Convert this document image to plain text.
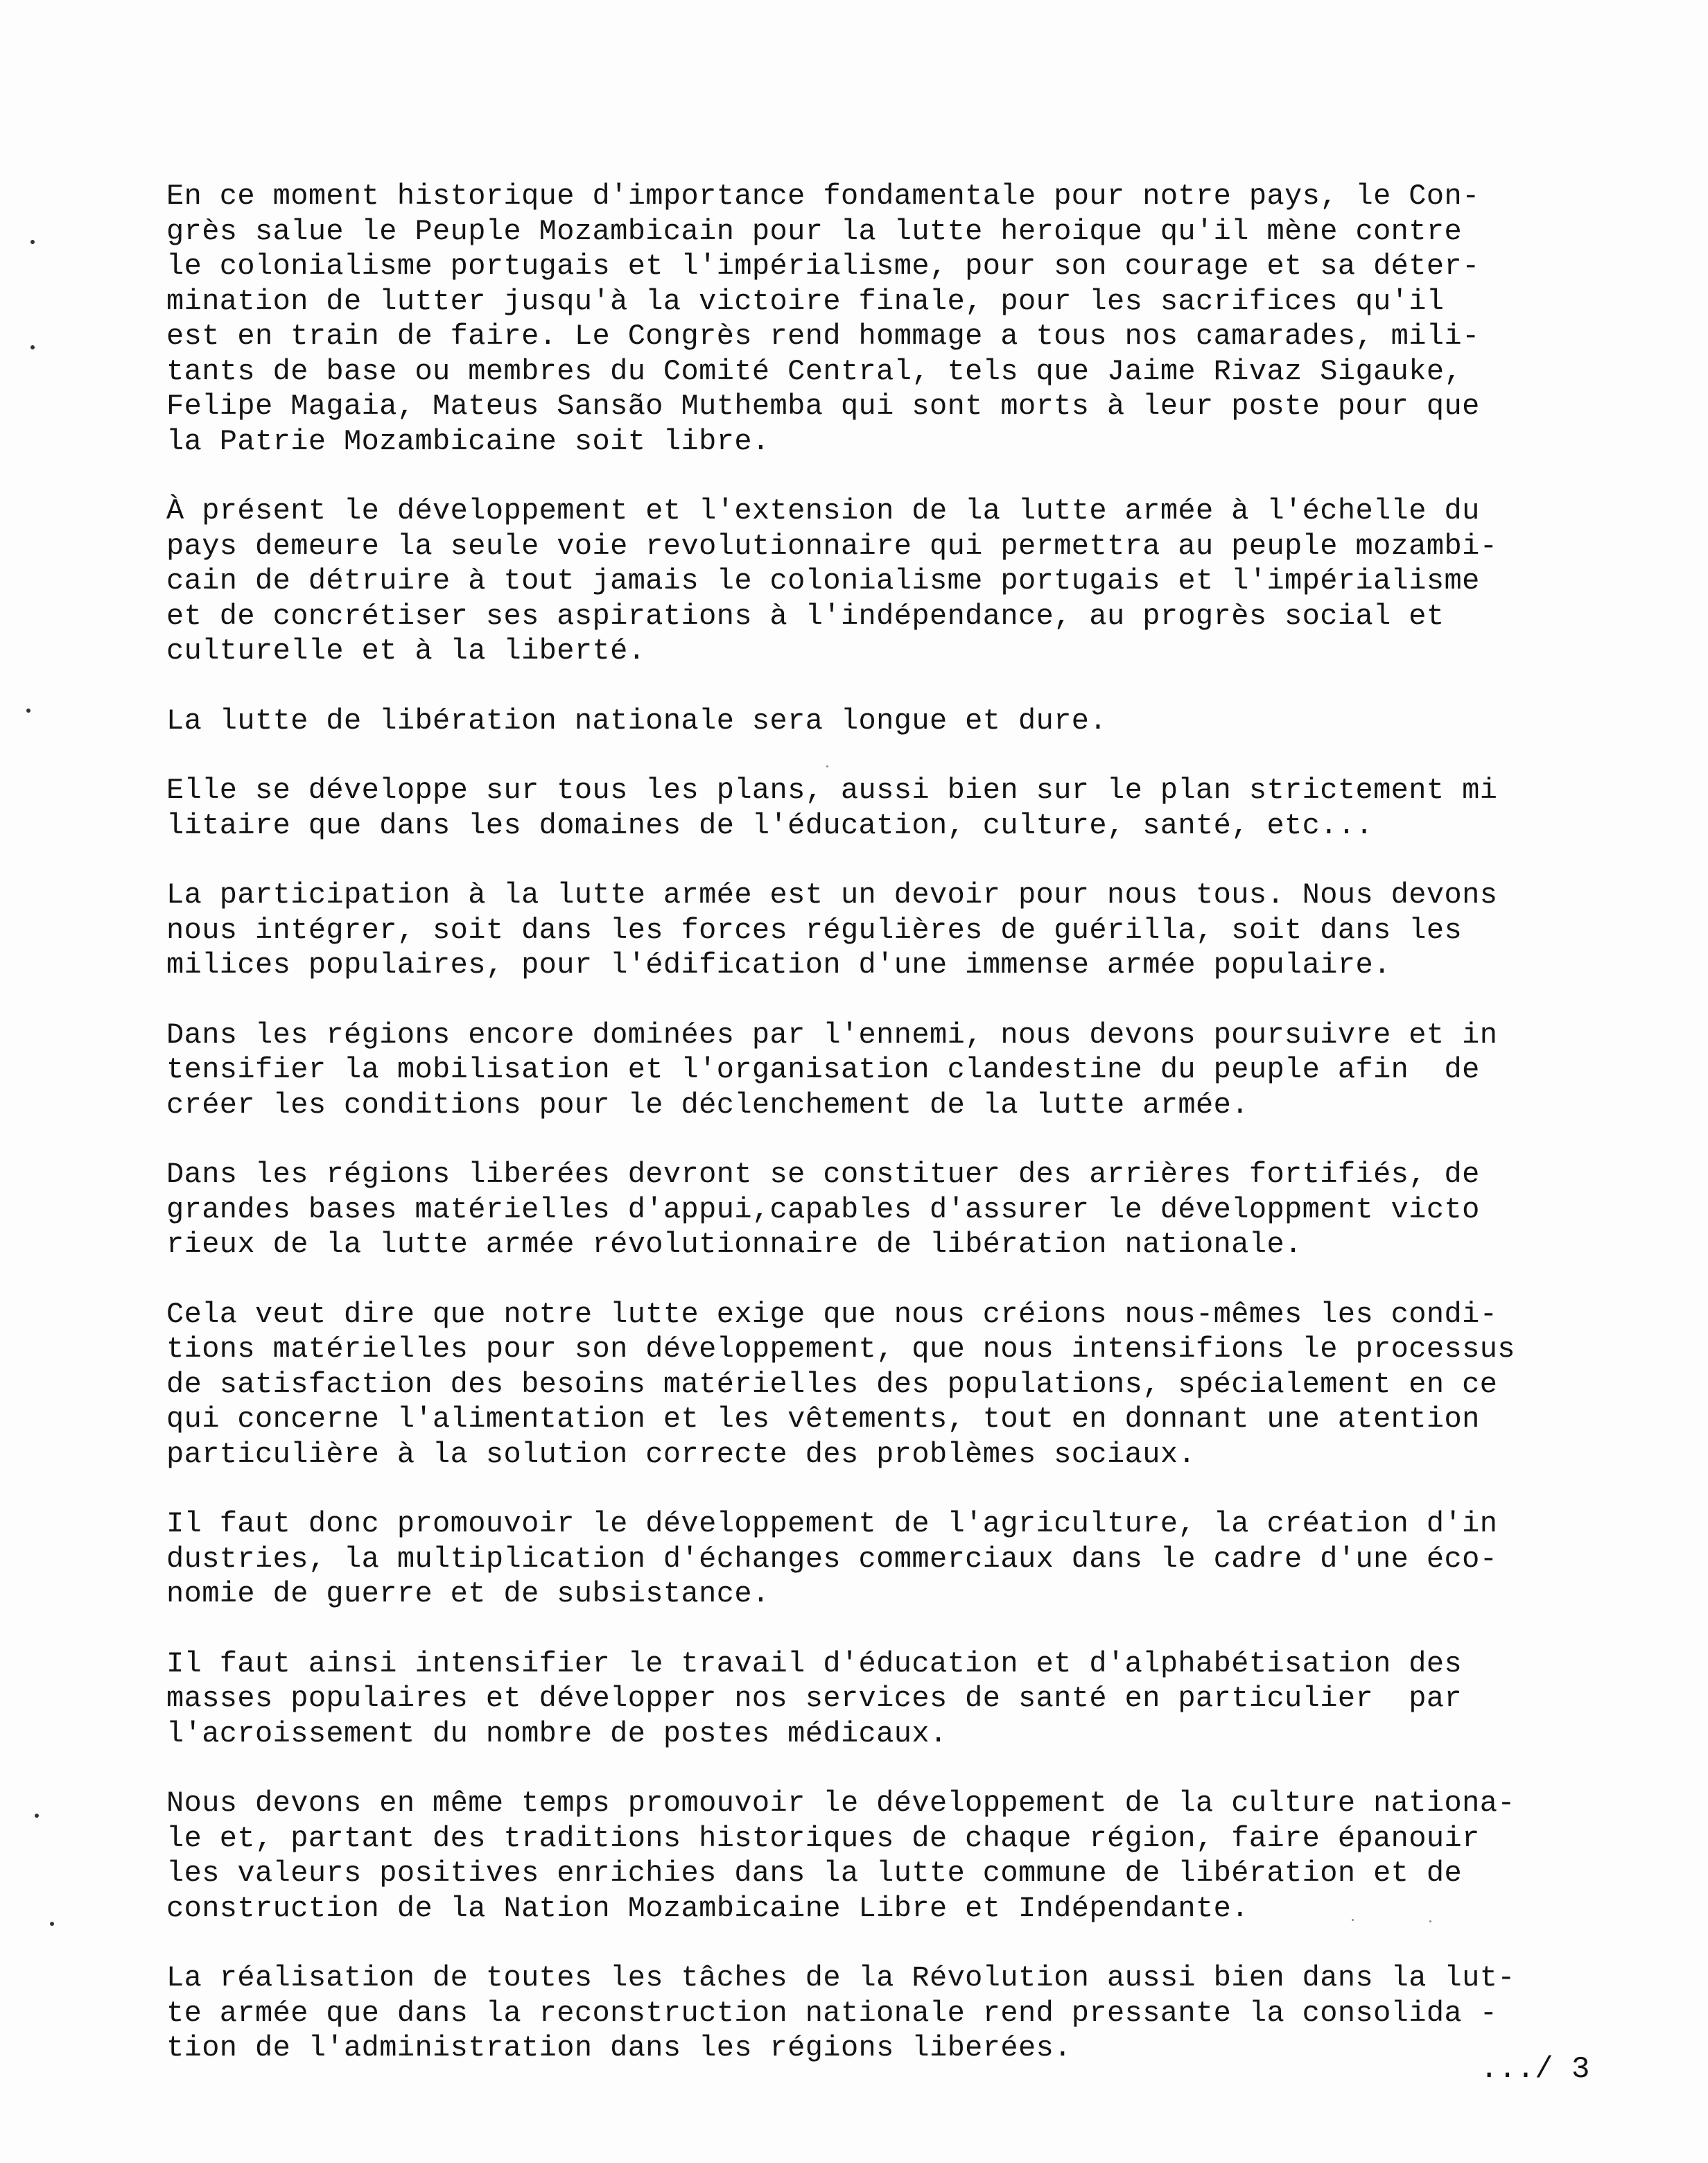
En ce moment historique d'importance fondamentale pour notre pays, le Con-
grès salue le Peuple Mozambicain pour la lutte heroique qu'il mène contre
le colonialisme portugais et l'impérialisme, pour son courage et sa déter-
mination de lutter jusqu'à la victoire finale, pour les sacrifices qu'il
est en train de faire. Le Congrès rend hommage a tous nos camarades, mili-
tants de base ou membres du Comité Central, tels que Jaime Rivaz Sigauke,
Felipe Magaia, Mateus Sansão Muthemba qui sont morts à leur poste pour que
la Patrie Mozambicaine soit libre.

À présent le développement et l'extension de la lutte armée à l'échelle du
pays demeure la seule voie revolutionnaire qui permettra au peuple mozambi-
cain de détruire à tout jamais le colonialisme portugais et l'impérialisme
et de concrétiser ses aspirations à l'indépendance, au progrès social et
culturelle et à la liberté.

La lutte de libération nationale sera longue et dure.

Elle se développe sur tous les plans, aussi bien sur le plan strictement mi
litaire que dans les domaines de l'éducation, culture, santé, etc...

La participation à la lutte armée est un devoir pour nous tous. Nous devons
nous intégrer, soit dans les forces régulières de guérilla, soit dans les
milices populaires, pour l'édification d'une immense armée populaire.

Dans les régions encore dominées par l'ennemi, nous devons poursuivre et in
tensifier la mobilisation et l'organisation clandestine du peuple afin  de
créer les conditions pour le déclenchement de la lutte armée.

Dans les régions liberées devront se constituer des arrières fortifiés, de
grandes bases matérielles d'appui,capables d'assurer le développment victo
rieux de la lutte armée révolutionnaire de libération nationale.

Cela veut dire que notre lutte exige que nous créions nous-mêmes les condi-
tions matérielles pour son développement, que nous intensifions le processus
de satisfaction des besoins matérielles des populations, spécialement en ce
qui concerne l'alimentation et les vêtements, tout en donnant une atention
particulière à la solution correcte des problèmes sociaux.

Il faut donc promouvoir le développement de l'agriculture, la création d'in
dustries, la multiplication d'échanges commerciaux dans le cadre d'une éco-
nomie de guerre et de subsistance.

Il faut ainsi intensifier le travail d'éducation et d'alphabétisation des
masses populaires et développer nos services de santé en particulier  par
l'acroissement du nombre de postes médicaux.

Nous devons en même temps promouvoir le développement de la culture nationa-
le et, partant des traditions historiques de chaque région, faire épanouir
les valeurs positives enrichies dans la lutte commune de libération et de
construction de la Nation Mozambicaine Libre et Indépendante.

La réalisation de toutes les tâches de la Révolution aussi bien dans la lut-
te armée que dans la reconstruction nationale rend pressante la consolida -
tion de l'administration dans les régions liberées.

.../ 3
